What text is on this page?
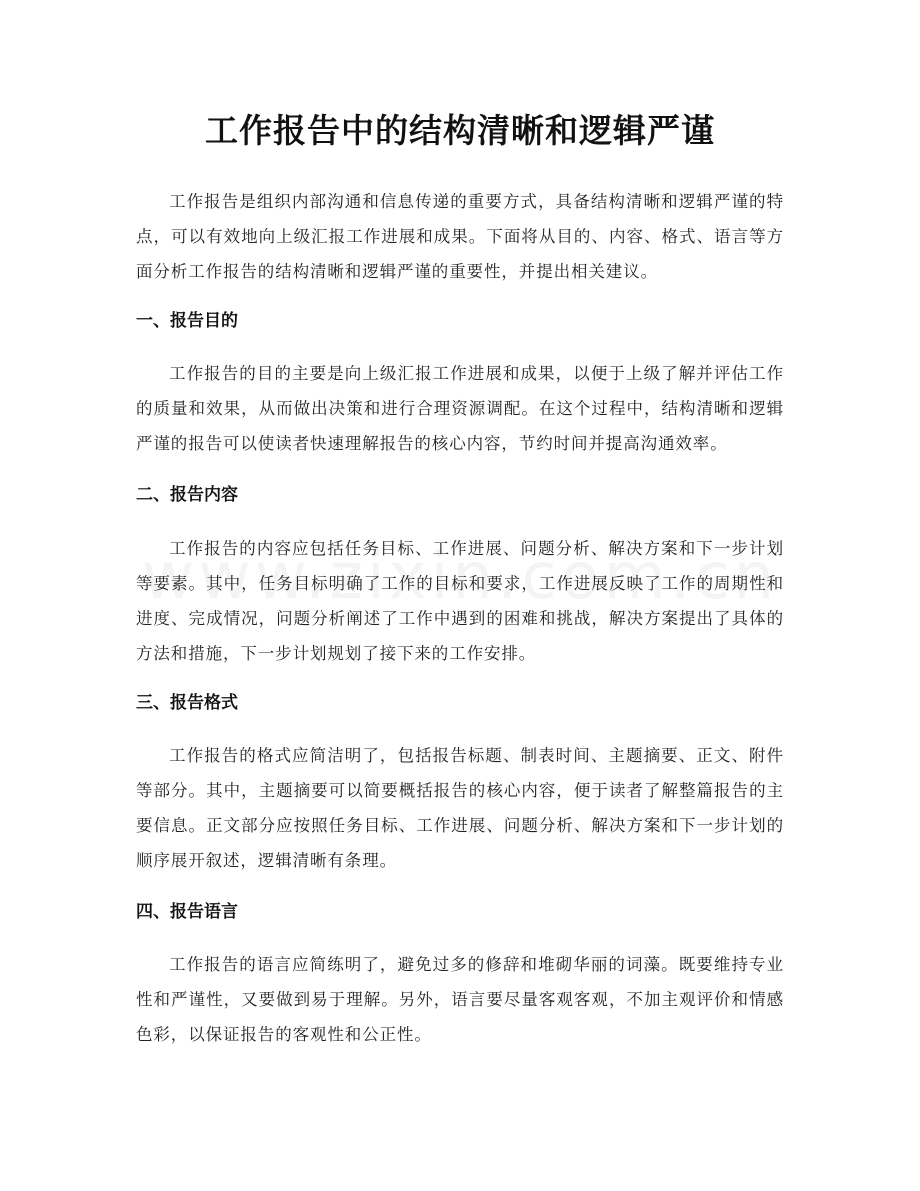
工作报告中的结构清晰和逻辑严谨

工作报告是组织内部沟通和信息传递的重要方式，具备结构清晰和逻辑严谨的特点，可以有效地向上级汇报工作进展和成果。下面将从目的、内容、格式、语言等方面分析工作报告的结构清晰和逻辑严谨的重要性，并提出相关建议。

一、报告目的

工作报告的目的主要是向上级汇报工作进展和成果，以便于上级了解并评估工作的质量和效果，从而做出决策和进行合理资源调配。在这个过程中，结构清晰和逻辑严谨的报告可以使读者快速理解报告的核心内容，节约时间并提高沟通效率。

二、报告内容

工作报告的内容应包括任务目标、工作进展、问题分析、解决方案和下一步计划等要素。其中，任务目标明确了工作的目标和要求，工作进展反映了工作的周期性和进度、完成情况，问题分析阐述了工作中遇到的困难和挑战，解决方案提出了具体的方法和措施，下一步计划规划了接下来的工作安排。

三、报告格式

工作报告的格式应简洁明了，包括报告标题、制表时间、主题摘要、正文、附件等部分。其中，主题摘要可以简要概括报告的核心内容，便于读者了解整篇报告的主要信息。正文部分应按照任务目标、工作进展、问题分析、解决方案和下一步计划的顺序展开叙述，逻辑清晰有条理。

四、报告语言

工作报告的语言应简练明了，避免过多的修辞和堆砌华丽的词藻。既要维持专业性和严谨性，又要做到易于理解。另外，语言要尽量客观客观，不加主观评价和情感色彩，以保证报告的客观性和公正性。
